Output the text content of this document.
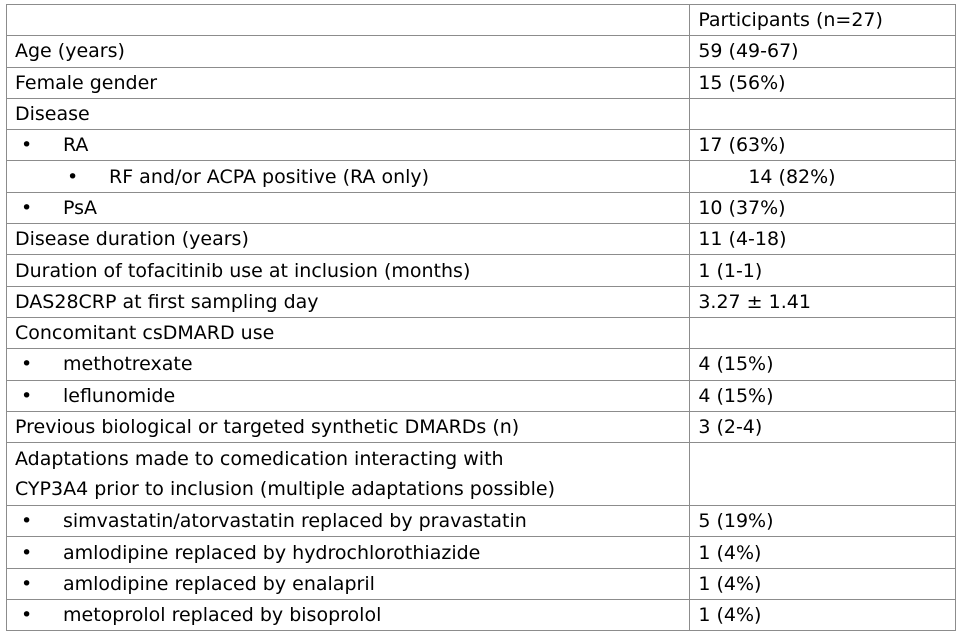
	Participants (n=27)
Age (years)	59 (49-67)
Female gender	15 (56%)
Disease	
• RA	17 (63%)
• RF and/or ACPA positive (RA only)	14 (82%)
• PsA	10 (37%)
Disease duration (years)	11 (4-18)
Duration of tofacitinib use at inclusion (months)	1 (1-1)
DAS28CRP at first sampling day	3.27 ± 1.41
Concomitant csDMARD use	
• methotrexate	4 (15%)
• leflunomide	4 (15%)
Previous biological or targeted synthetic DMARDs (n)	3 (2-4)

Adaptations made to comedication interacting with
CYP3A4 prior to inclusion (multiple adaptations possible)	

• simvastatin/atorvastatin replaced by pravastatin	5 (19%)
• amlodipine replaced by hydrochlorothiazide	1 (4%)
• amlodipine replaced by enalapril	1 (4%)
• metoprolol replaced by bisoprolol	1 (4%)
